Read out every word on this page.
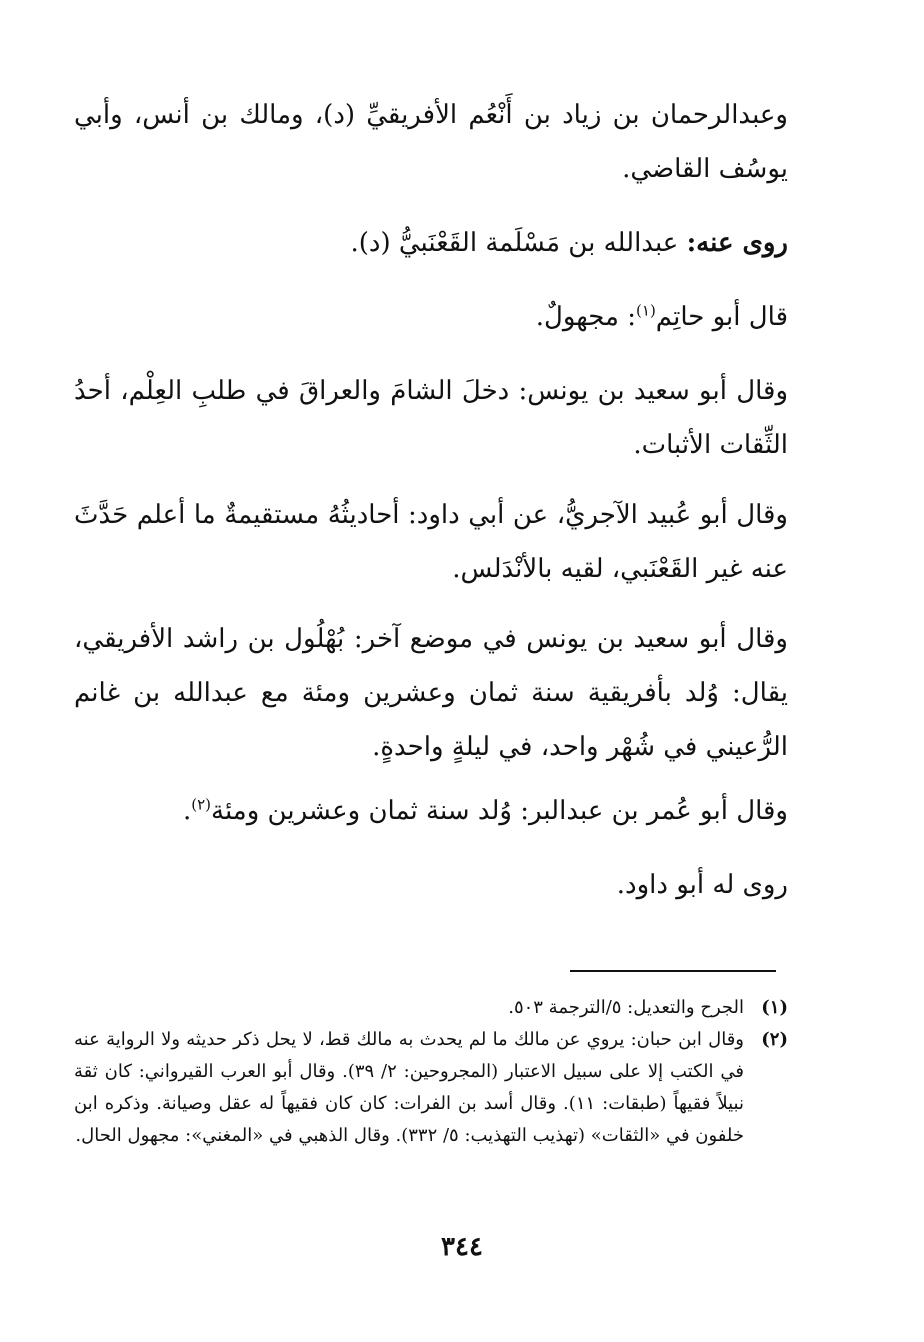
وعبدالرحمان بن زياد بن أَنْعُم الأفريقيِّ (د)، ومالك بن أنس، وأبي يوسُف القاضي.

روى عنه: عبدالله بن مَسْلَمة القَعْنَبيُّ (د).

قال أبو حاتِم$^{(١)}$: مجهولٌ.

وقال أبو سعيد بن يونس: دخلَ الشامَ والعراقَ في طلبِ العِلْم، أحدُ الثِّقات الأثبات.

وقال أبو عُبيد الآجريُّ، عن أبي داود: أحاديثُهُ مستقيمةٌ ما أعلم حَدَّثَ عنه غير القَعْنَبي، لقيه بالأنْدَلس.

وقال أبو سعيد بن يونس في موضع آخر: بُهْلُول بن راشد الأفريقي، يقال: وُلد بأفريقية سنة ثمان وعشرين ومئة مع عبدالله بن غانم الرُّعيني في شُهْر واحد، في ليلةٍ واحدةٍ.

وقال أبو عُمر بن عبدالبر: وُلد سنة ثمان وعشرين ومئة$^{(٢)}$.

روى له أبو داود.

(١)
الجرح والتعديل: ٥/الترجمة ٥٠٣.
(٢)
وقال ابن حبان: يروي عن مالك ما لم يحدث به مالك قط، لا يحل ذكر حديثه ولا الرواية عنه في الكتب إلا على سبيل الاعتبار (المجروحين: ٢/ ٣٩). وقال أبو العرب القيرواني: كان ثقة نبيلاً فقيهاً (طبقات: ١١). وقال أسد بن الفرات: كان كان فقيهاً له عقل وصيانة. وذكره ابن خلفون في «الثقات» (تهذيب التهذيب: ٥/ ٣٣٢). وقال الذهبي في «المغني»: مجهول الحال.
٣٤٤
